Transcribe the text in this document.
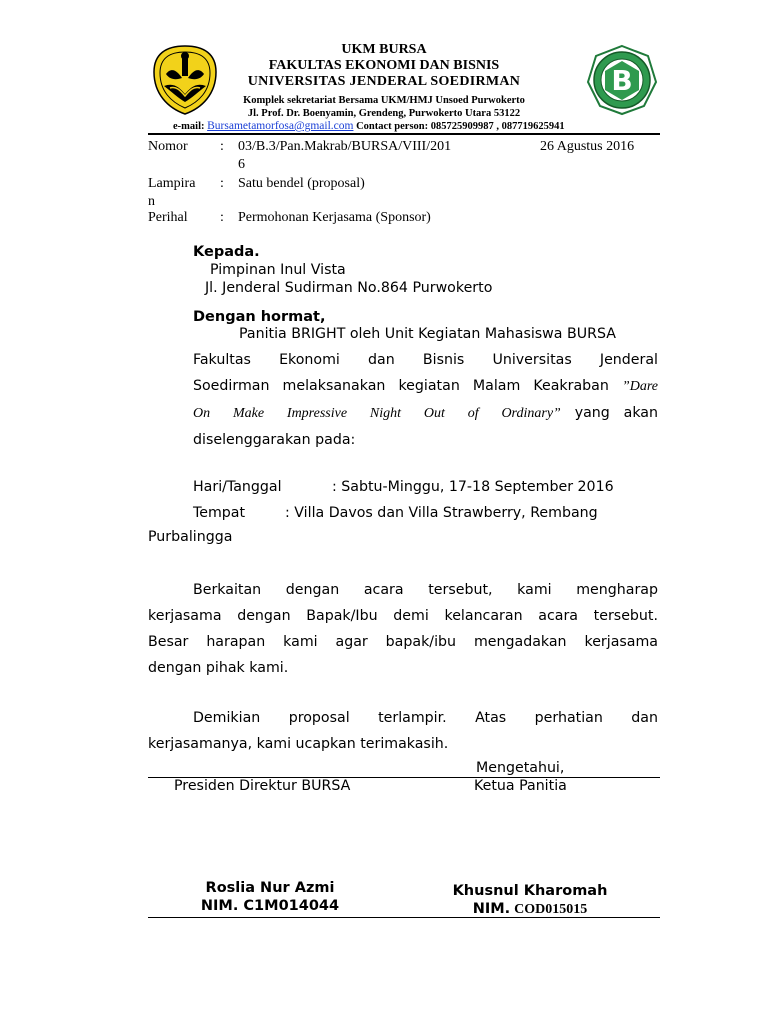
B
UKM BURSA
FAKULTAS EKONOMI DAN BISNIS
UNIVERSITAS JENDERAL SOEDIRMAN
Komplek sekretariat Bersama UKM/HMJ Unsoed Purwokerto
Jl. Prof. Dr. Boenyamin, Grendeng, Purwokerto Utara 53122
e-mail: Bursametamorfosa@gmail.com Contact person: 085725909987 , 087719625941
Nomor : 03/B.3/Pan.Makrab/BURSA/VIII/201
6
26 Agustus 2016
Lampira
n
: Satu bendel (proposal)
Perihal : Permohonan Kerjasama (Sponsor)
Kepada.
Pimpinan Inul Vista
Jl. Jenderal Sudirman No.864 Purwokerto
Dengan hormat,
Panitia BRIGHT oleh Unit Kegiatan Mahasiswa BURSA
Fakultas Ekonomi dan Bisnis Universitas Jenderal
Soedirman melaksanakan kegiatan Malam Keakraban ”Dare
On Make Impressive Night Out of Ordinary” yang akan
diselenggarakan pada:
Hari/Tanggal	: Sabtu-Minggu, 17-18 September 2016
Tempat	: Villa Davos dan Villa Strawberry, Rembang
Purbalingga
Berkaitan dengan acara tersebut, kami mengharap
kerjasama dengan Bapak/Ibu demi kelancaran acara tersebut.
Besar harapan kami agar bapak/ibu mengadakan kerjasama
dengan pihak kami.
Demikian proposal terlampir. Atas perhatian dan
kerjasamanya, kami ucapkan terimakasih.
Mengetahui,
Presiden Direktur BURSA	Ketua Panitia
Roslia Nur Azmi
NIM. C1M014044
Khusnul Kharomah
NIM. COD015015
